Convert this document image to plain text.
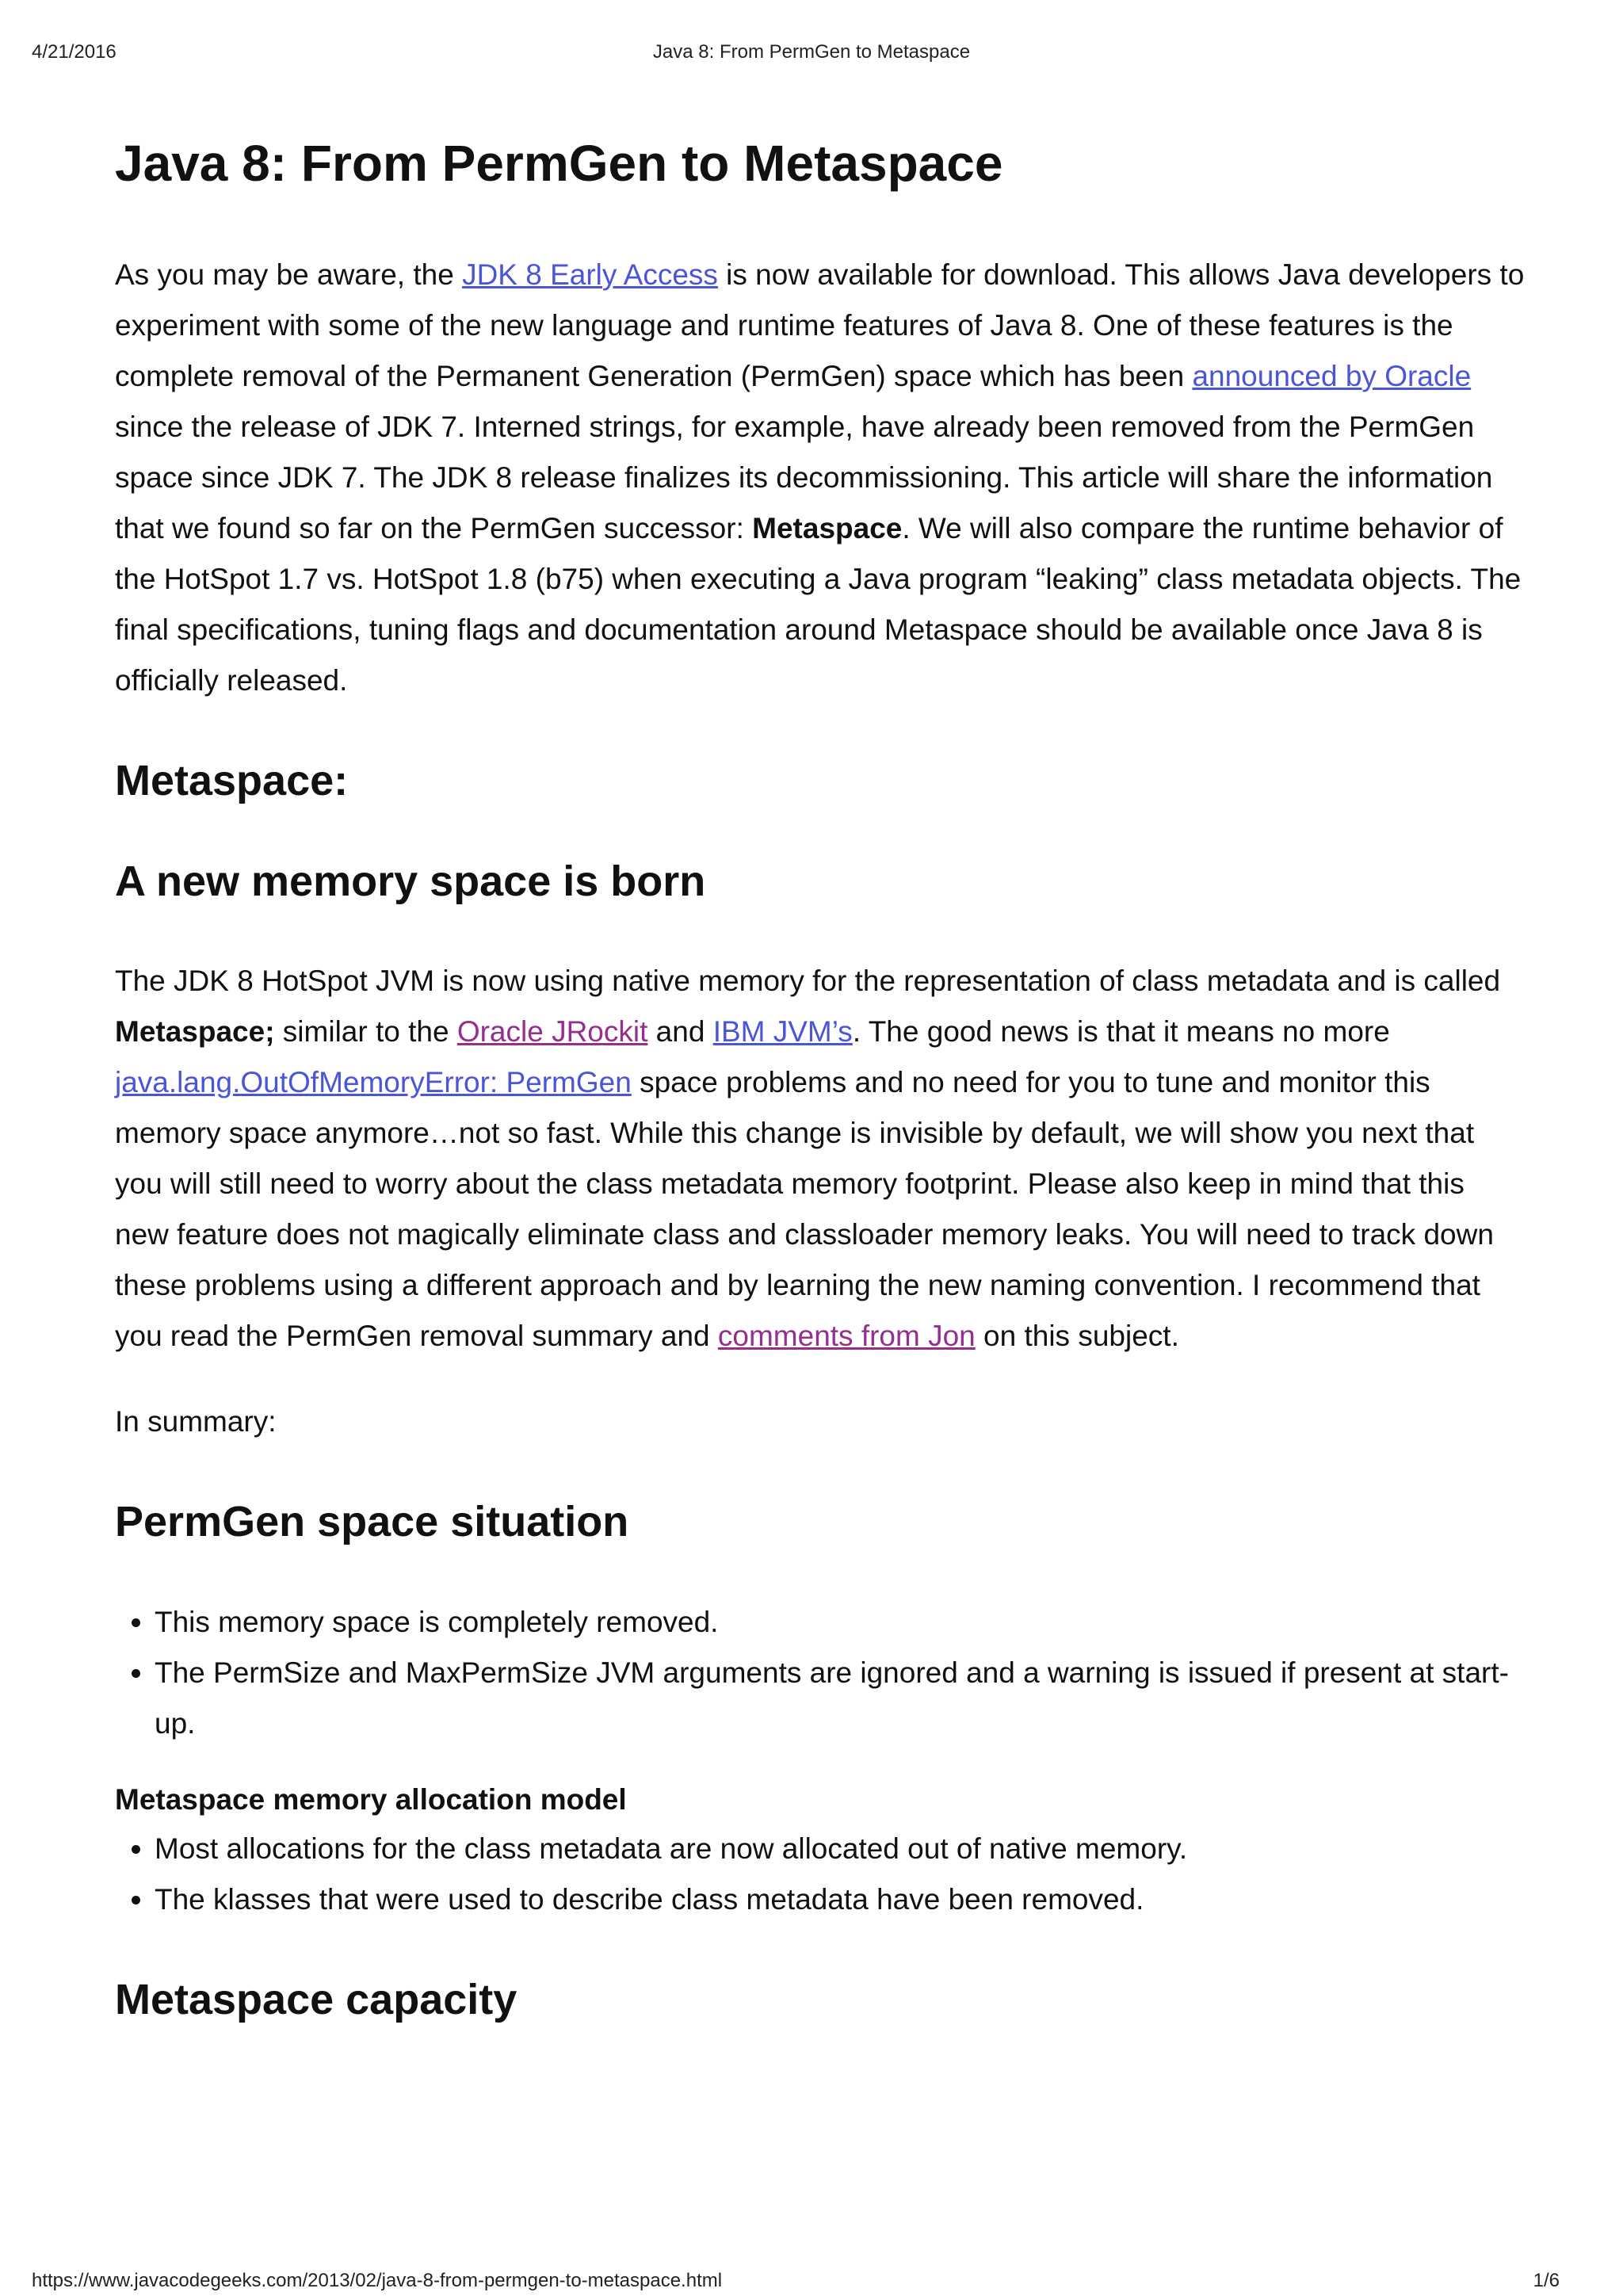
4/21/2016	Java 8: From PermGen to Metaspace
Java 8: From PermGen to Metaspace

As you may be aware, the JDK 8 Early Access is now available for download. This allows Java developers to experiment with some of the new language and runtime features of Java 8. One of these features is the complete removal of the Permanent Generation (PermGen) space which has been announced by Oracle since the release of JDK 7. Interned strings, for example, have already been removed from the PermGen space since JDK 7. The JDK 8 release finalizes its decommissioning. This article will share the information that we found so far on the PermGen successor: Metaspace. We will also compare the runtime behavior of the HotSpot 1.7 vs. HotSpot 1.8 (b75) when executing a Java program “leaking” class metadata objects. The final specifications, tuning flags and documentation around Metaspace should be available once Java 8 is officially released.

Metaspace:
A new memory space is born

The JDK 8 HotSpot JVM is now using native memory for the representation of class metadata and is called Metaspace; similar to the Oracle JRockit and IBM JVM’s. The good news is that it means no more java.lang.OutOfMemoryError: PermGen space problems and no need for you to tune and monitor this memory space anymore…not so fast. While this change is invisible by default, we will show you next that you will still need to worry about the class metadata memory footprint. Please also keep in mind that this new feature does not magically eliminate class and classloader memory leaks. You will need to track down these problems using a different approach and by learning the new naming convention. I recommend that you read the PermGen removal summary and comments from Jon on this subject.

In summary:

PermGen space situation
• This memory space is completely removed.
• The PermSize and MaxPermSize JVM arguments are ignored and a warning is issued if present at start-up.
Metaspace memory allocation model
• Most allocations for the class metadata are now allocated out of native memory.
• The klasses that were used to describe class metadata have been removed.
Metaspace capacity
https://www.javacodegeeks.com/2013/02/java-8-from-permgen-to-metaspace.html	1/6
